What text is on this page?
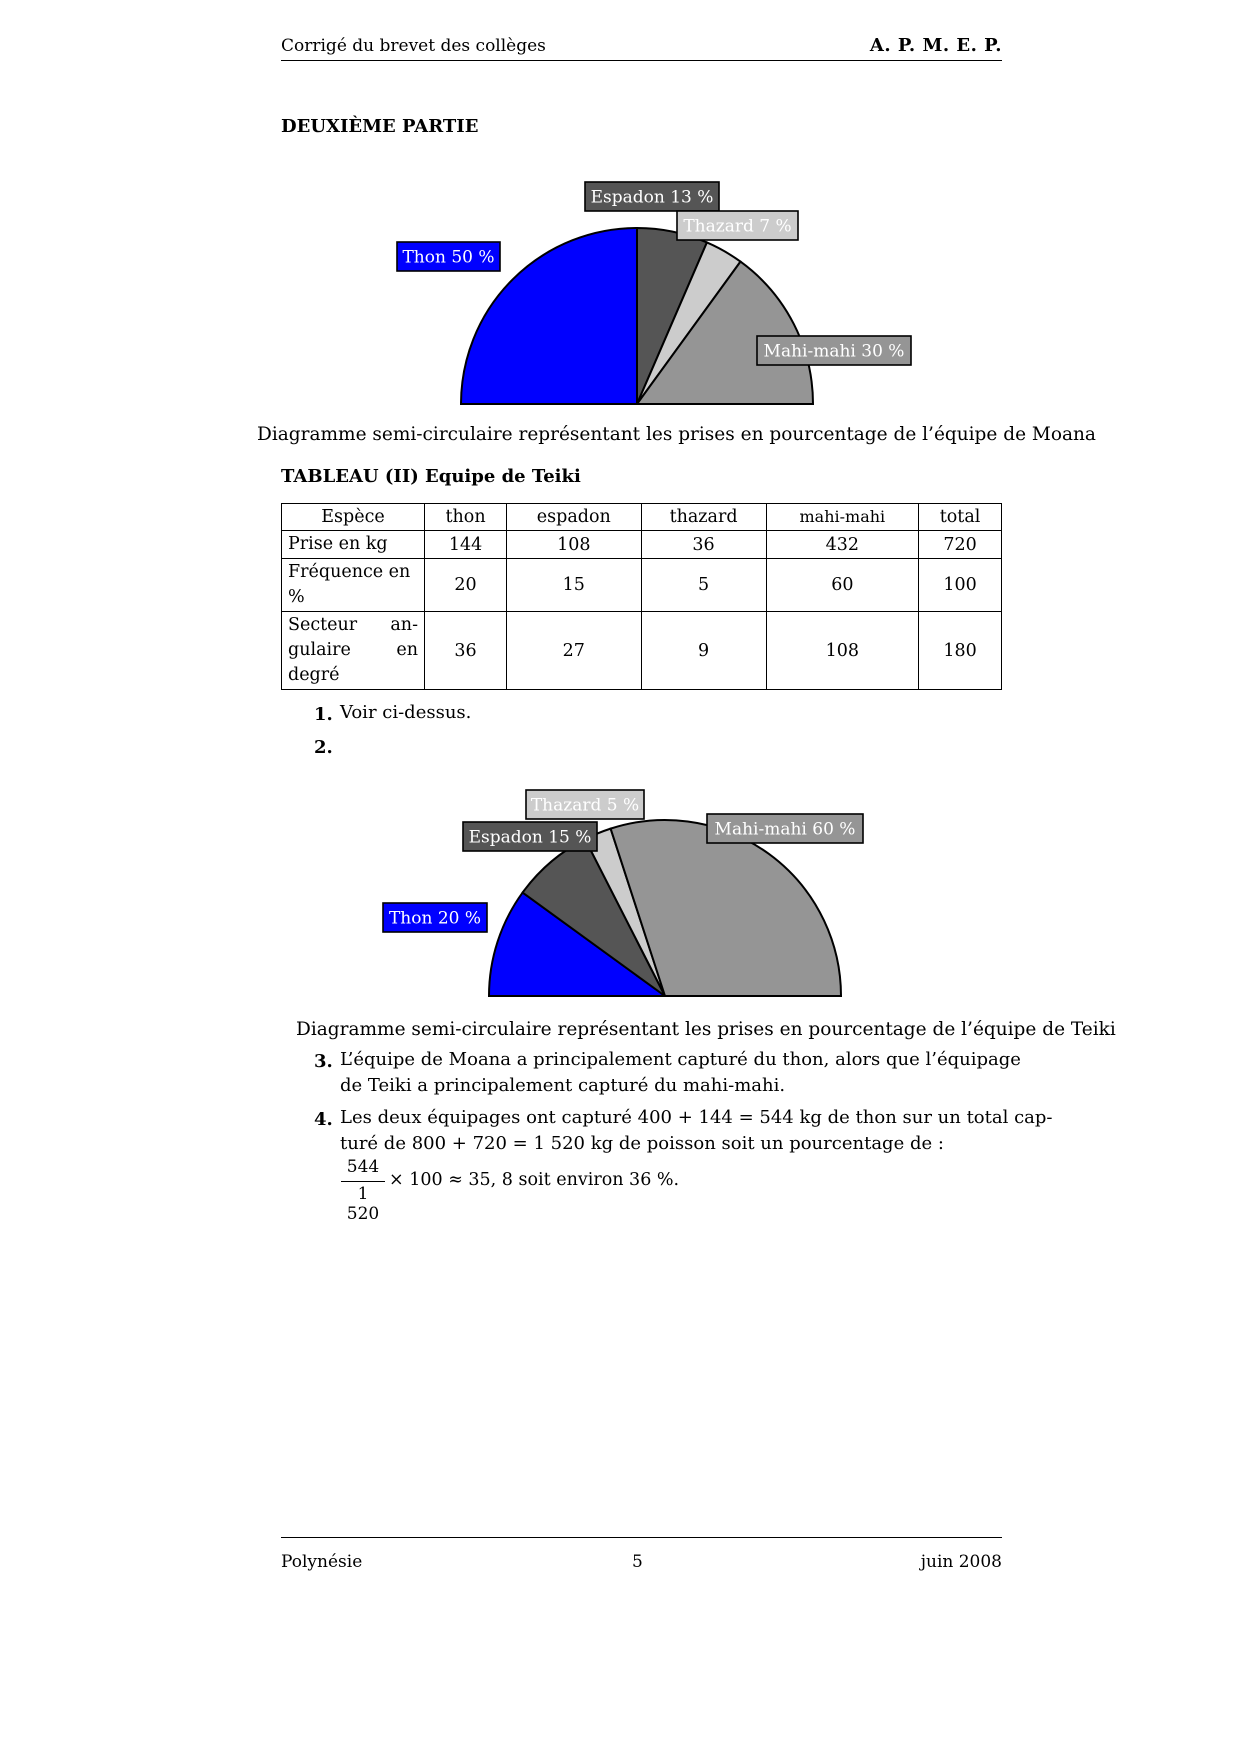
Corrigé du brevet des collèges	A. P. M. E. P.
DEUXIÈME PARTIE
Thon 50 %
Espadon 13 %
Thazard 7 %
Mahi-mahi 30 %
Thon 20 %
Espadon 15 %
Thazard 5 %
Mahi-mahi 60 %
Diagramme semi-circulaire représentant les prises en pourcentage de l’équipe de Moana
TABLEAU (II) Equipe de Teiki
Espèce	thon	espadon	thazard	mahi-mahi	total
Prise en kg	144	108	36	432	720

Fréquence en
%	20	15	5	60	100

Secteur an-
gulaire en
degré	36	27	9	108	180
1. Voir ci-dessus.
2.
Diagramme semi-circulaire représentant les prises en pourcentage de l’équipe de Teiki
3. L’équipe de Moana a principalement capturé du thon, alors que l’équipage
de Teiki a principalement capturé du mahi-mahi.
4. Les deux équipages ont capturé 400 + 144 = 544 kg de thon sur un total cap-
turé de 800 + 720 = 1 520 kg de poisson soit un pourcentage de :
544
1 520
× 100 ≈ 35, 8 soit environ 36 %.
Polynésie	5	juin 2008
